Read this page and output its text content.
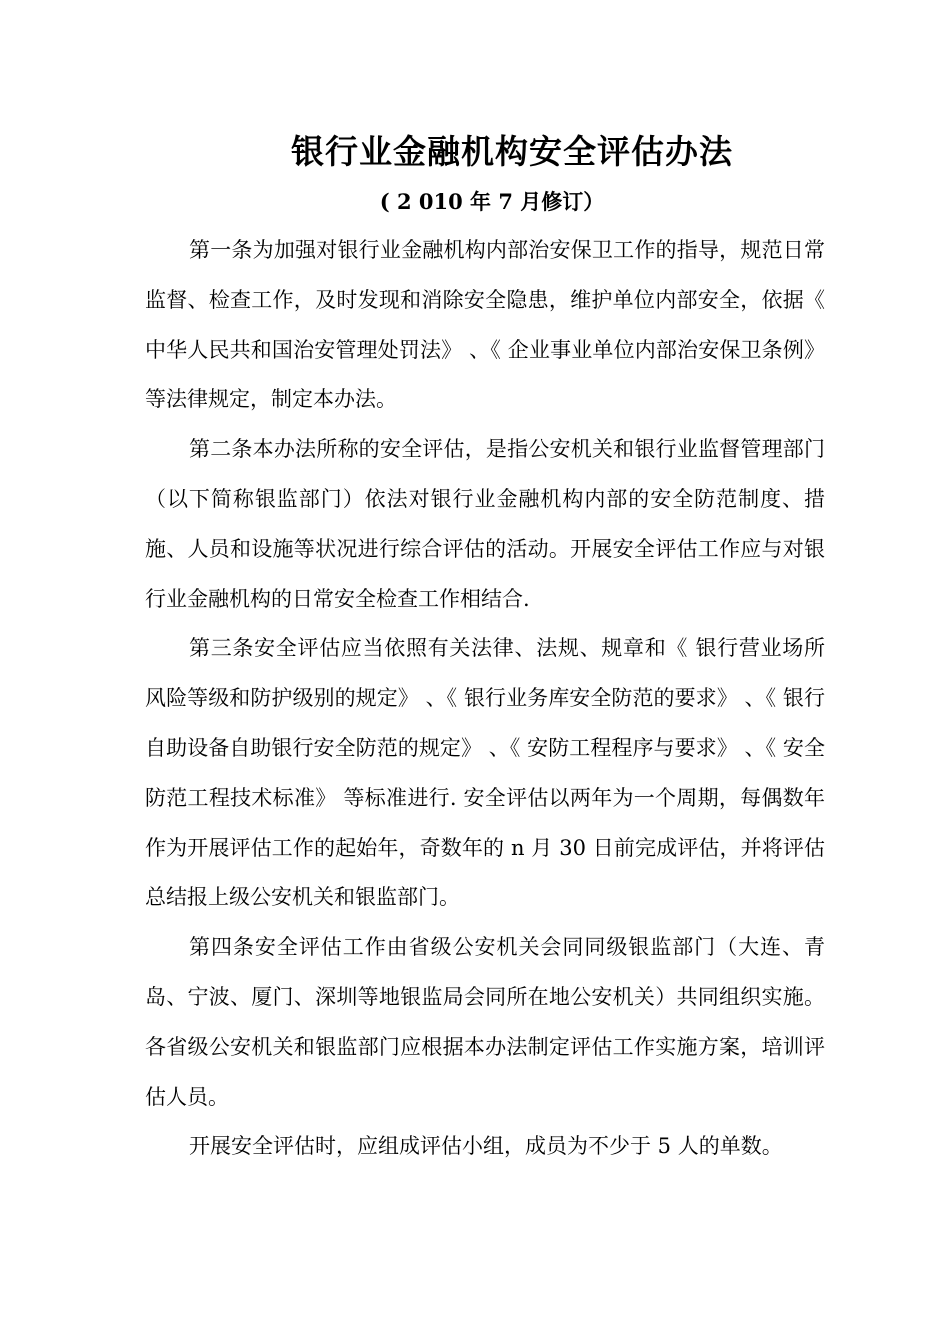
银行业金融机构安全评估办法
( 2 010 年 7 月修订）

第一条为加强对银行业金融机构内部治安保卫工作的指导，规范日常监督、检查工作，及时发现和消除安全隐患，维护单位内部安全，依据《 中华人民共和国治安管理处罚法》 、《 企业事业单位内部治安保卫条例》 等法律规定，制定本办法。

第二条本办法所称的安全评估，是指公安机关和银行业监督管理部门（以下简称银监部门）依法对银行业金融机构内部的安全防范制度、措施、人员和设施等状况进行综合评估的活动。开展安全评估工作应与对银行业金融机构的日常安全检查工作相结合.

第三条安全评估应当依照有关法律、法规、规章和《 银行营业场所风险等级和防护级别的规定》 、《 银行业务库安全防范的要求》 、《 银行自助设备自助银行安全防范的规定》 、《 安防工程程序与要求》 、《 安全防范工程技术标准》 等标准进行. 安全评估以两年为一个周期，每偶数年作为开展评估工作的起始年，奇数年的 n 月 30 日前完成评估，并将评估总结报上级公安机关和银监部门。

第四条安全评估工作由省级公安机关会同同级银监部门（大连、青岛、宁波、厦门、深圳等地银监局会同所在地公安机关）共同组织实施。各省级公安机关和银监部门应根据本办法制定评估工作实施方案，培训评估人员。

开展安全评估时，应组成评估小组，成员为不少于 5 人的单数。
